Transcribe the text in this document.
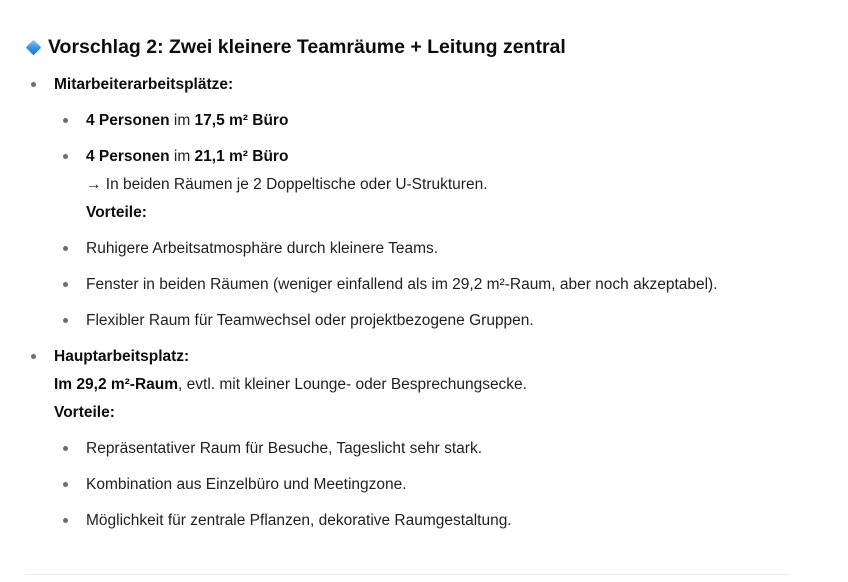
Vorschlag 2: Zwei kleinere Teamräume + Leitung zentral
Mitarbeiterarbeitsplätze:
4 Personen im 17,5 m² Büro
4 Personen im 21,1 m² Büro
→ In beiden Räumen je 2 Doppeltische oder U-Strukturen.
Vorteile:
Ruhigere Arbeitsatmosphäre durch kleinere Teams.
Fenster in beiden Räumen (weniger einfallend als im 29,2 m²-Raum, aber noch akzeptabel).
Flexibler Raum für Teamwechsel oder projektbezogene Gruppen.
Hauptarbeitsplatz:
Im 29,2 m²-Raum, evtl. mit kleiner Lounge- oder Besprechungsecke.
Vorteile:
Repräsentativer Raum für Besuche, Tageslicht sehr stark.
Kombination aus Einzelbüro und Meetingzone.
Möglichkeit für zentrale Pflanzen, dekorative Raumgestaltung.
